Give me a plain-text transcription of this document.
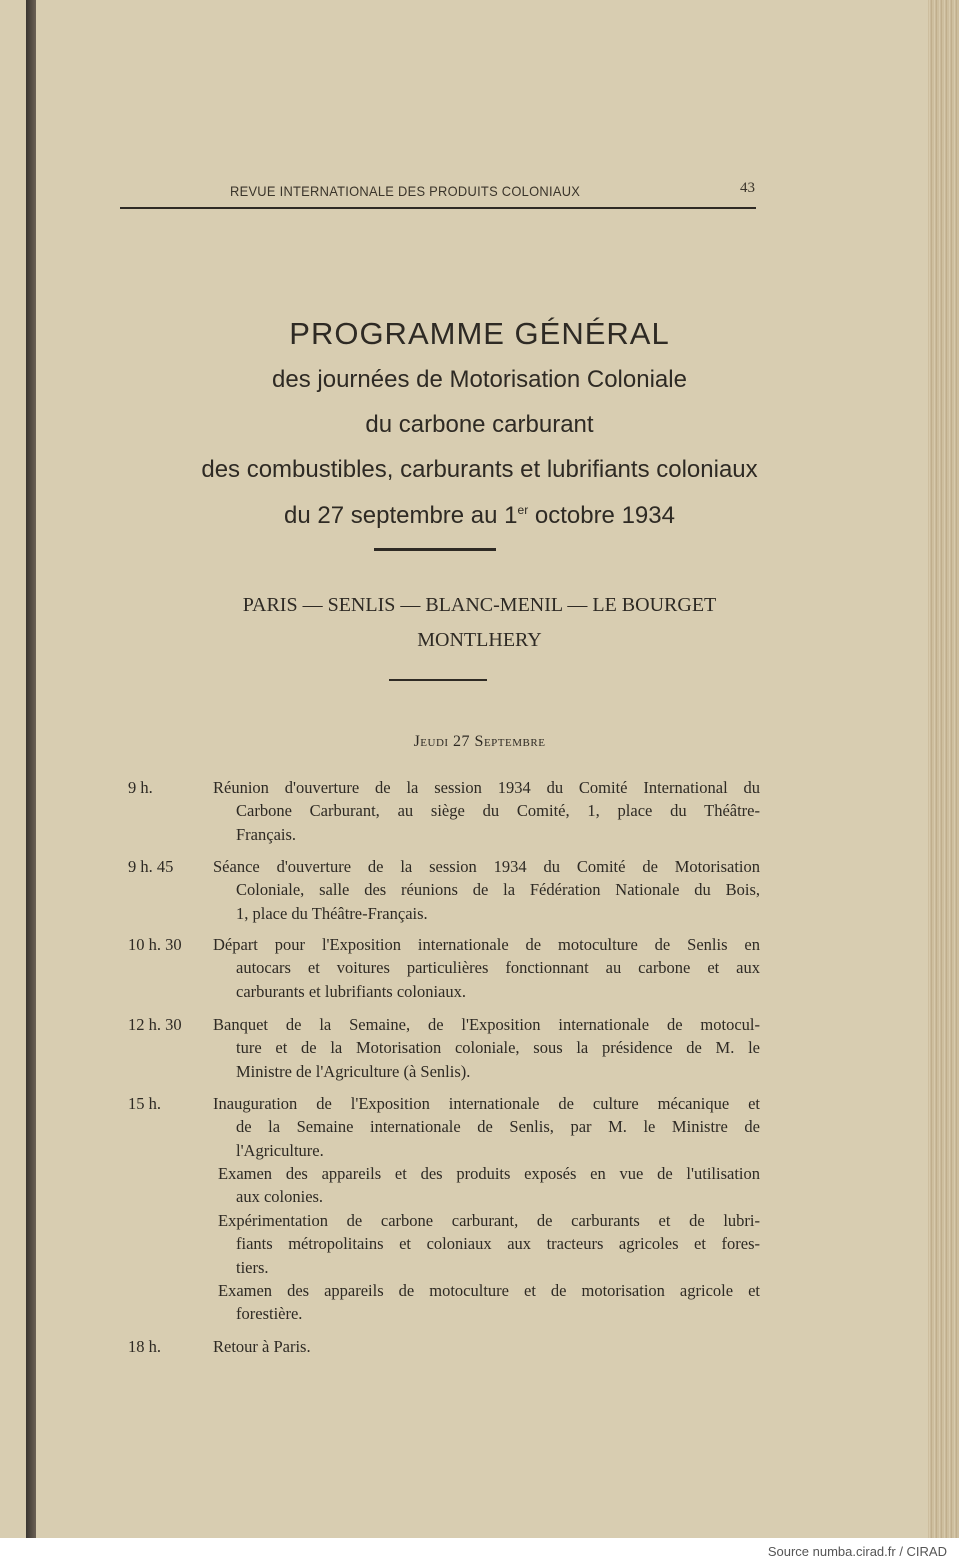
REVUE INTERNATIONALE DES PRODUITS COLONIAUX	43
PROGRAMME GÉNÉRAL
des journées de Motorisation Coloniale
du carbone carburant
des combustibles, carburants et lubrifiants coloniaux
du 27 septembre au 1er octobre 1934
PARIS — SENLIS — BLANC-MENIL — LE BOURGET
MONTLHERY
Jeudi 27 Septembre
9 h.	Réunion d'ouverture de la session 1934 du Comité International du
Carbone Carburant, au siège du Comité, 1, place du Théâtre-
Français.
9 h. 45 Séance d'ouverture de la session 1934 du Comité de Motorisation
Coloniale, salle des réunions de la Fédération Nationale du Bois,
1, place du Théâtre-Français.
10 h. 30 Départ pour l'Exposition internationale de motoculture de Senlis en
autocars et voitures particulières fonctionnant au carbone et aux
carburants et lubrifiants coloniaux.
12 h. 30 Banquet de la Semaine, de l'Exposition internationale de motocul-
ture et de la Motorisation coloniale, sous la présidence de M. le
Ministre de l'Agriculture (à Senlis).
15 h.	Inauguration de l'Exposition internationale de culture mécanique et
de la Semaine internationale de Senlis, par M. le Ministre de
l'Agriculture.
Examen des appareils et des produits exposés en vue de l'utilisation
aux colonies.
Expérimentation de carbone carburant, de carburants et de lubri-
fiants métropolitains et coloniaux aux tracteurs agricoles et fores-
tiers.
Examen des appareils de motoculture et de motorisation agricole et
forestière.
18 h.	Retour à Paris.
Source numba.cirad.fr / CIRAD
